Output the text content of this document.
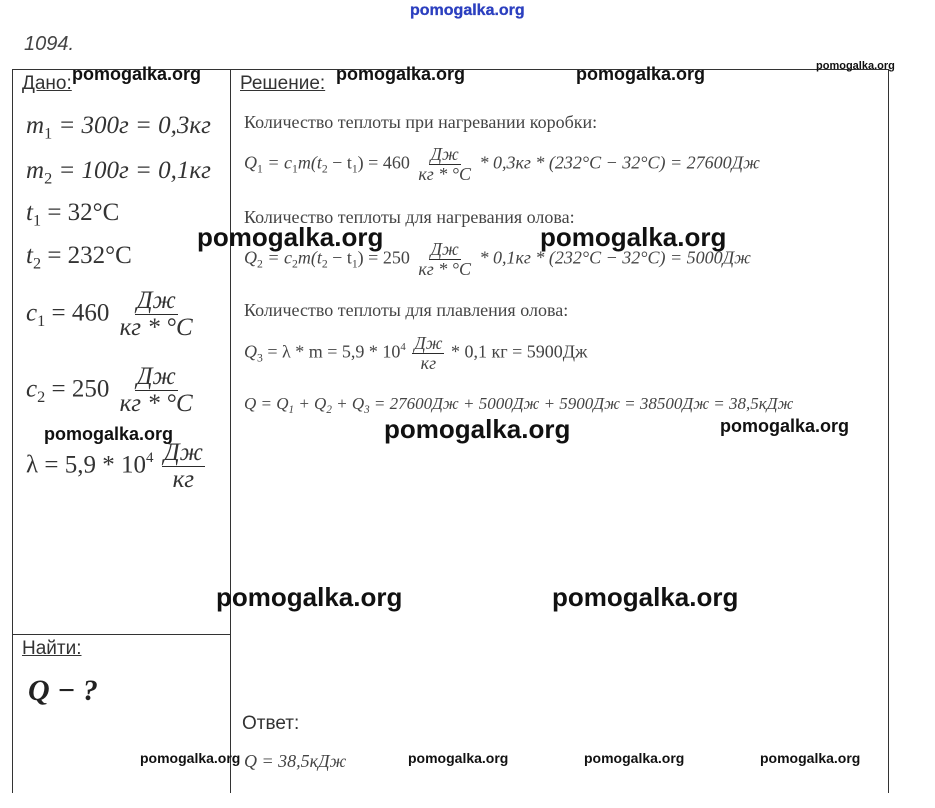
pomogalka.org
1094.
Дано:
$m_1 = 300г = 0,3кг$
$m_2 = 100г = 0,1кг$
$t_1 = 32^\circ C$
$t_2 = 232^\circ C$
$c_1 = 460 \frac{Дж}{кг * ^\circ C}$
$c_2 = 250 \frac{Дж}{кг * ^\circ C}$
$\lambda = 5,9 * 10^4 \frac{Дж}{кг}$
Найти:
Q − ?
Решение:
Количество теплоты при нагревании коробки:
$Q_1 = c_1m(t_2 - t_1) = 460 \frac{Дж}{кг * ^\circ C} * 0,3кг * (232^\circ C - 32^\circ C) = 27600Дж$
Количество теплоты для нагревания олова:
$Q_2 = c_2m(t_2 - t_1) = 250 \frac{Дж}{кг * ^\circ C} * 0,1кг * (232^\circ C - 32^\circ C) = 5000Дж$
Количество теплоты для плавления олова:
$Q_3 = \lambda * m = 5,9 * 10^4 \frac{Дж}{кг} * 0,1$ кг = 5900Дж
$Q = Q_1 + Q_2 + Q_3 = 27600Дж + 5000Дж + 5900Дж = 38500Дж = 38,5кДж$
Ответ:
Q = 38,5кДж
pomogalka.org	pomogalka.org	pomogalka.org	pomogalka.org
pomogalka.org	pomogalka.org
pomogalka.org	pomogalka.org	pomogalka.org
pomogalka.org	pomogalka.org
pomogalka.org	pomogalka.org	pomogalka.org	pomogalka.org
